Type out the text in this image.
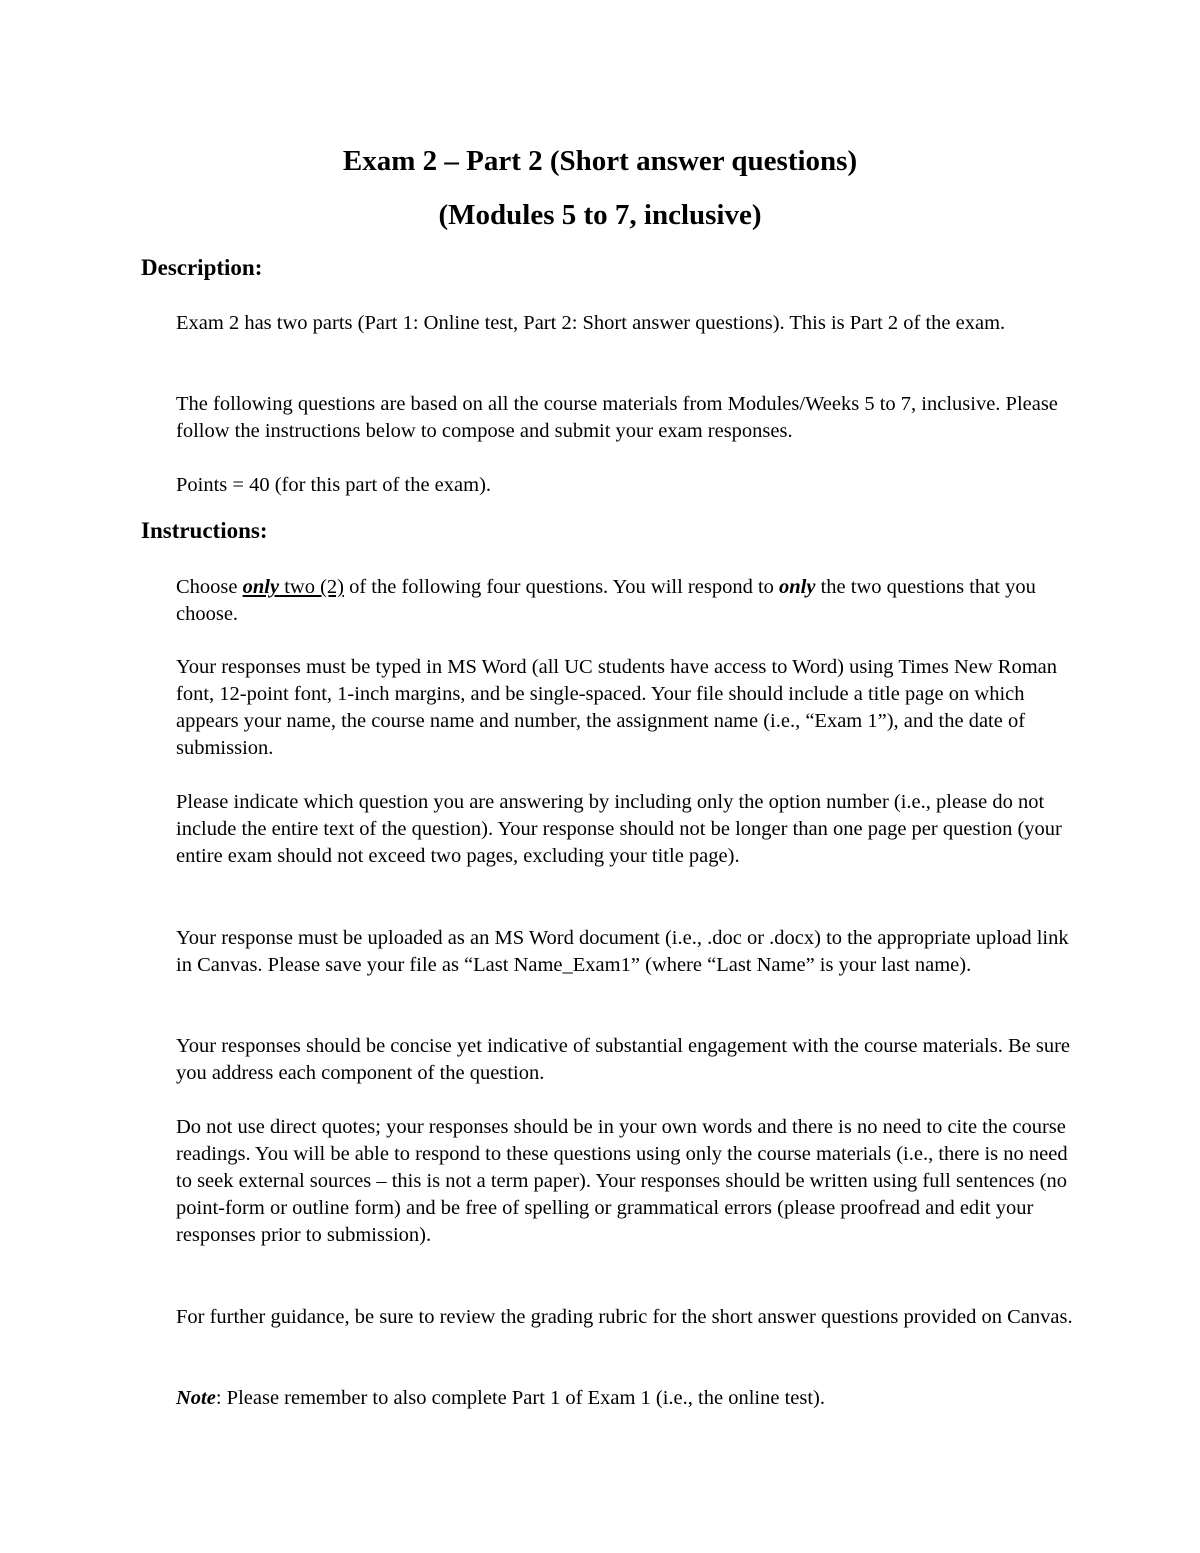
Exam 2 – Part 2 (Short answer questions)
(Modules 5 to 7, inclusive)
Description:

Exam 2 has two parts (Part 1: Online test, Part 2: Short answer questions). This is Part 2 of the exam.

The following questions are based on all the course materials from Modules/Weeks 5 to 7, inclusive. Please follow the instructions below to compose and submit your exam responses.

Points = 40 (for this part of the exam).

Instructions:

Choose only two (2) of the following four questions. You will respond to only the two questions that you choose.

Your responses must be typed in MS Word (all UC students have access to Word) using Times New Roman font, 12-point font, 1-inch margins, and be single-spaced. Your file should include a title page on which appears your name, the course name and number, the assignment name (i.e., “Exam 1”), and the date of submission.

Please indicate which question you are answering by including only the option number (i.e., please do not include the entire text of the question). Your response should not be longer than one page per question (your entire exam should not exceed two pages, excluding your title page).

Your response must be uploaded as an MS Word document (i.e., .doc or .docx) to the appropriate upload link in Canvas. Please save your file as “Last Name_Exam1” (where “Last Name” is your last name).

Your responses should be concise yet indicative of substantial engagement with the course materials. Be sure you address each component of the question.

Do not use direct quotes; your responses should be in your own words and there is no need to cite the course readings. You will be able to respond to these questions using only the course materials (i.e., there is no need to seek external sources – this is not a term paper). Your responses should be written using full sentences (no point-form or outline form) and be free of spelling or grammatical errors (please proofread and edit your responses prior to submission).

For further guidance, be sure to review the grading rubric for the short answer questions provided on Canvas.

Note: Please remember to also complete Part 1 of Exam 1 (i.e., the online test).
